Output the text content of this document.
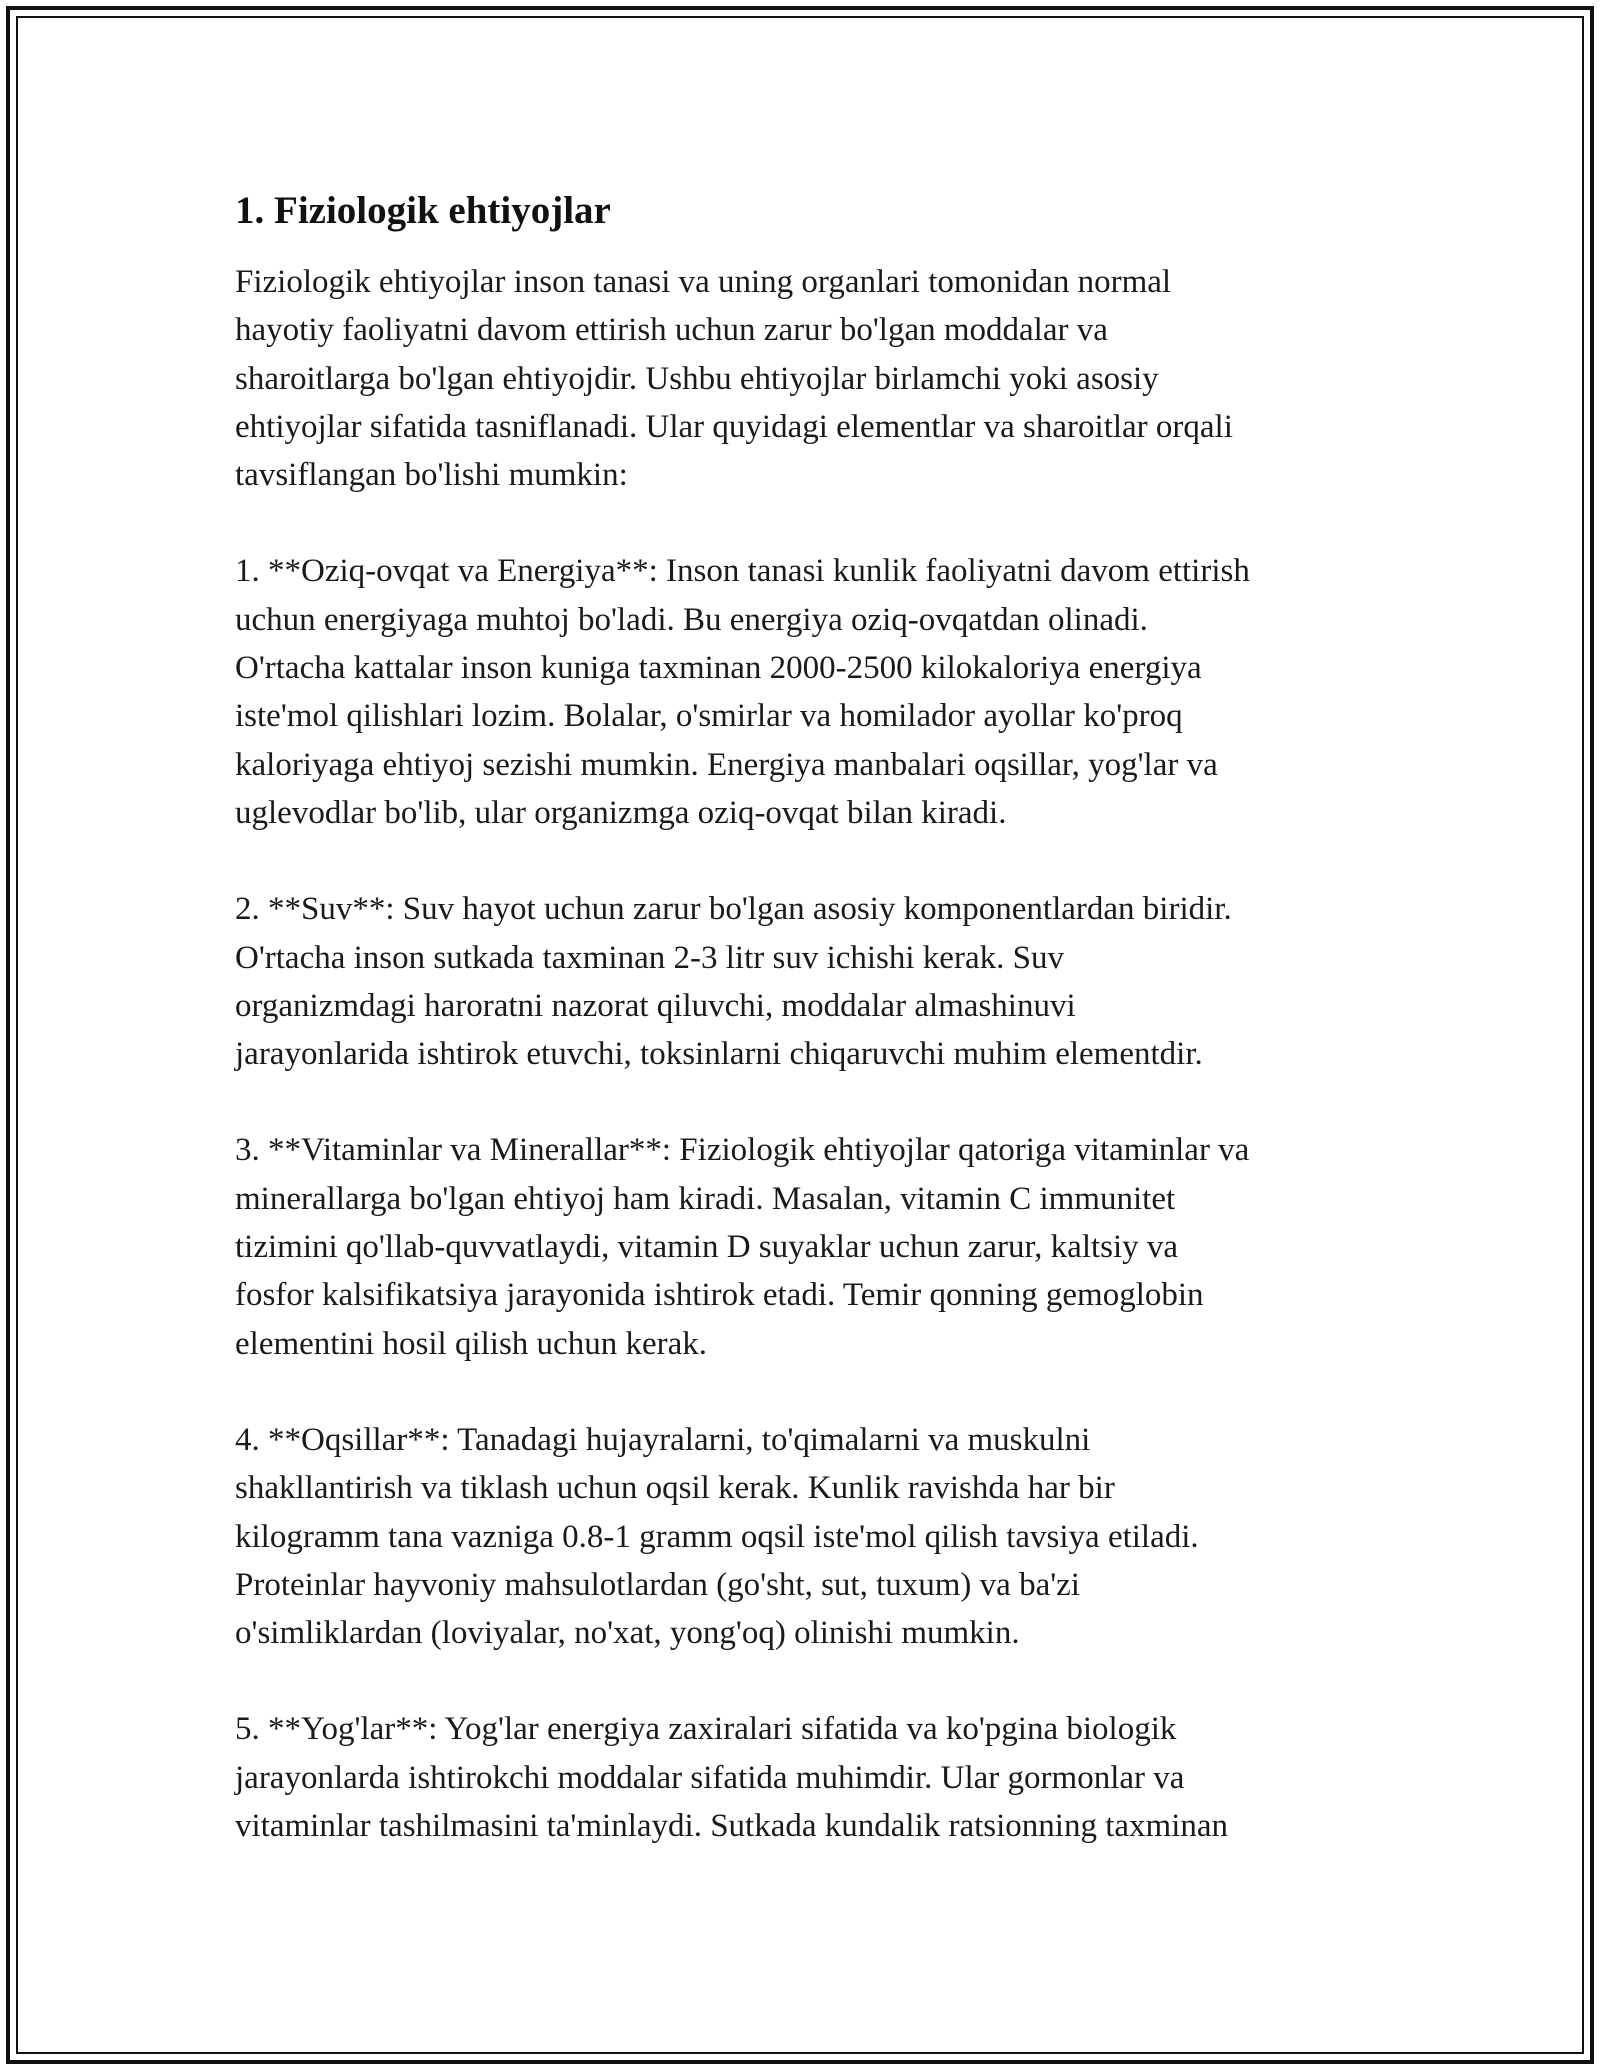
1. Fiziologik ehtiyojlar

Fiziologik ehtiyojlar inson tanasi va uning organlari tomonidan normal
hayotiy faoliyatni davom ettirish uchun zarur bo'lgan moddalar va
sharoitlarga bo'lgan ehtiyojdir. Ushbu ehtiyojlar birlamchi yoki asosiy
ehtiyojlar sifatida tasniflanadi. Ular quyidagi elementlar va sharoitlar orqali
tavsiflangan bo'lishi mumkin:

1. **Oziq-ovqat va Energiya**: Inson tanasi kunlik faoliyatni davom ettirish
uchun energiyaga muhtoj bo'ladi. Bu energiya oziq-ovqatdan olinadi.
O'rtacha kattalar inson kuniga taxminan 2000-2500 kilokaloriya energiya
iste'mol qilishlari lozim. Bolalar, o'smirlar va homilador ayollar ko'proq
kaloriyaga ehtiyoj sezishi mumkin. Energiya manbalari oqsillar, yog'lar va
uglevodlar bo'lib, ular organizmga oziq-ovqat bilan kiradi.

2. **Suv**: Suv hayot uchun zarur bo'lgan asosiy komponentlardan biridir.
O'rtacha inson sutkada taxminan 2-3 litr suv ichishi kerak. Suv
organizmdagi haroratni nazorat qiluvchi, moddalar almashinuvi
jarayonlarida ishtirok etuvchi, toksinlarni chiqaruvchi muhim elementdir.

3. **Vitaminlar va Minerallar**: Fiziologik ehtiyojlar qatoriga vitaminlar va
minerallarga bo'lgan ehtiyoj ham kiradi. Masalan, vitamin C immunitet
tizimini qo'llab-quvvatlaydi, vitamin D suyaklar uchun zarur, kaltsiy va
fosfor kalsifikatsiya jarayonida ishtirok etadi. Temir qonning gemoglobin
elementini hosil qilish uchun kerak.

4. **Oqsillar**: Tanadagi hujayralarni, to'qimalarni va muskulni
shakllantirish va tiklash uchun oqsil kerak. Kunlik ravishda har bir
kilogramm tana vazniga 0.8-1 gramm oqsil iste'mol qilish tavsiya etiladi.
Proteinlar hayvoniy mahsulotlardan (go'sht, sut, tuxum) va ba'zi
o'simliklardan (loviyalar, no'xat, yong'oq) olinishi mumkin.

5. **Yog'lar**: Yog'lar energiya zaxiralari sifatida va ko'pgina biologik
jarayonlarda ishtirokchi moddalar sifatida muhimdir. Ular gormonlar va
vitaminlar tashilmasini ta'minlaydi. Sutkada kundalik ratsionning taxminan
